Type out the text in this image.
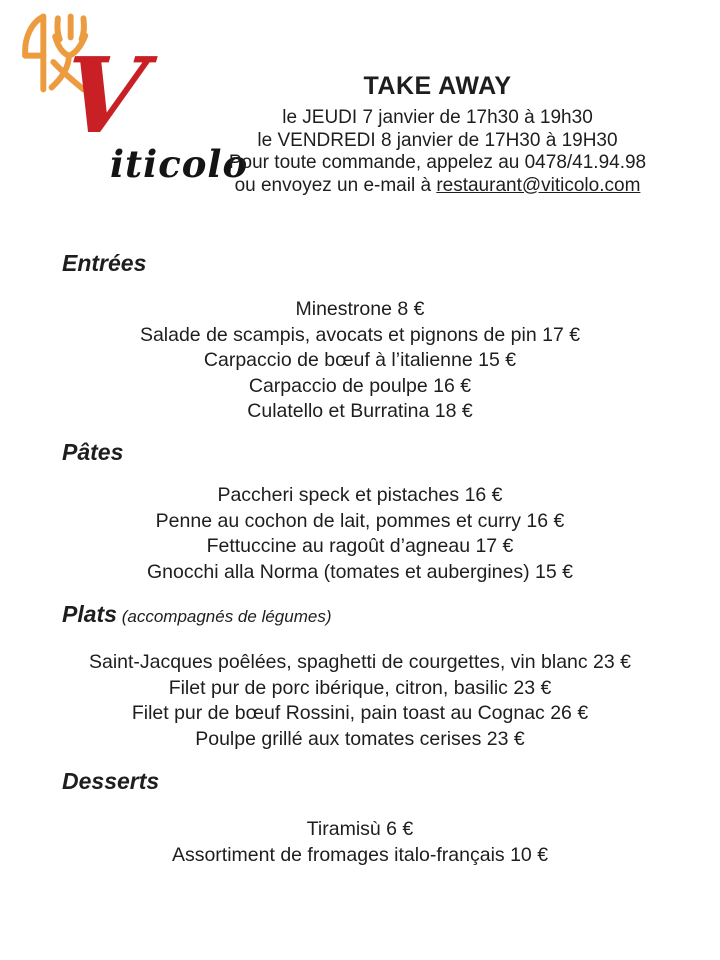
V
iticolo
TAKE AWAY
le JEUDI 7 janvier de 17h30 à 19h30
le VENDREDI 8 janvier de 17H30 à 19H30
Pour toute commande, appelez au 0478/41.94.98
ou envoyez un e-mail à restaurant@viticolo.com
Entrées
Minestrone 8 €
Salade de scampis, avocats et pignons de pin 17 €
Carpaccio de bœuf à l’italienne 15 €
Carpaccio de poulpe 16 €
Culatello et Burratina 18 €
Pâtes
Paccheri speck et pistaches 16 €
Penne au cochon de lait, pommes et curry 16 €
Fettuccine au ragoût d’agneau 17 €
Gnocchi alla Norma (tomates et aubergines) 15 €
Plats (accompagnés de légumes)
Saint-Jacques poêlées, spaghetti de courgettes, vin blanc 23 €
Filet pur de porc ibérique, citron, basilic 23 €
Filet pur de bœuf Rossini, pain toast au Cognac 26 €
Poulpe grillé aux tomates cerises 23 €
Desserts
Tiramisù 6 €
Assortiment de fromages italo-français 10 €
